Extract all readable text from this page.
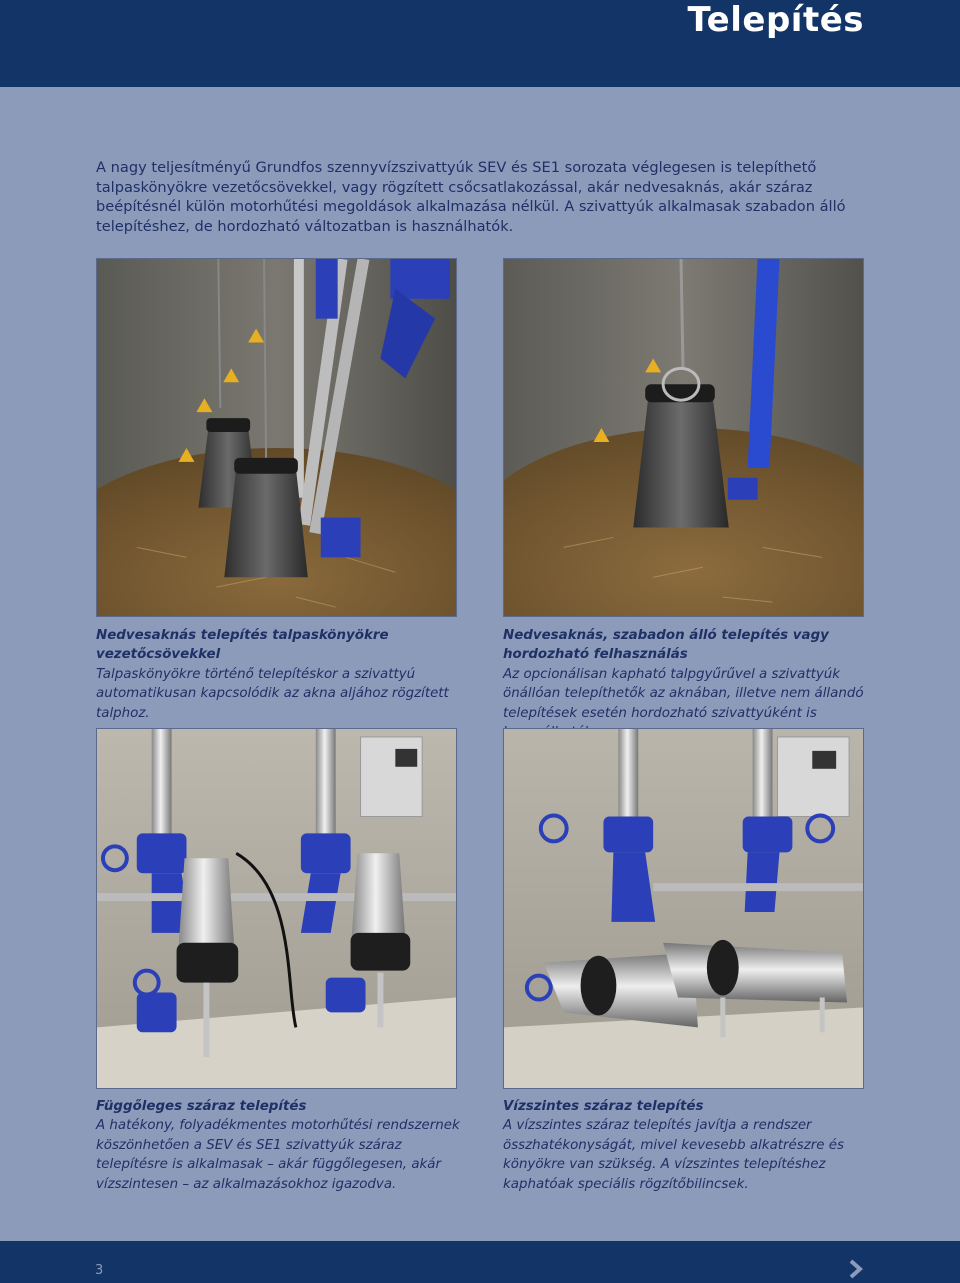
Telepítés

A nagy teljesítményű Grundfos szennyvízszivattyúk SEV és SE1 sorozata véglegesen is telepíthető talpaskönyökre vezetőcsövekkel, vagy rögzített csőcsatlakozással, akár nedvesaknás, akár száraz beépítésnél külön motorhűtési megoldások alkalmazása nélkül. A szivattyúk alkalmasak szabadon álló telepítéshez, de hordozható változatban is használhatók.

Nedvesaknás telepítés talpaskönyökre vezetőcsövekkel
Talpaskönyökre történő telepítéskor a szivattyú automatikusan kapcsolódik az akna aljához rögzített talphoz.
Nedvesaknás, szabadon álló telepítés vagy hordozható felhasználás
Az opcionálisan kapható talpgyűrűvel a szivattyúk önállóan telepíthetők az aknában, illetve nem állandó telepítések esetén hordozható szivattyúként is
Függőleges száraz telepítés
A hatékony, folyadékmentes motorhűtési rendszernek köszönhetően a SEV és SE1 szivattyúk száraz telepítésre is alkalmasak – akár függőlegesen, akár vízszintesen – az alkalmazásokhoz igazodva.
Vízszintes száraz telepítés
A vízszintes száraz telepítés javítja a rendszer összhatékonyságát, mivel kevesebb alkatrészre és könyökre van szükség. A vízszintes telepítéshez kaphatóak speciális rögzítőbilincsek.
3
